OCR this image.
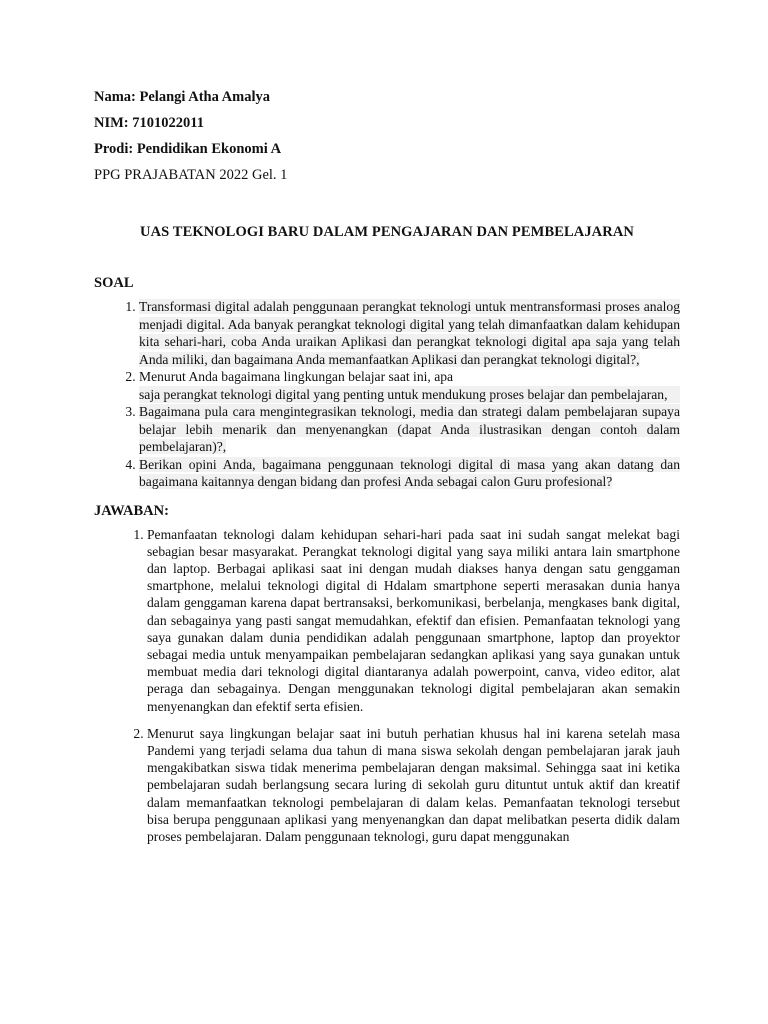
Nama: Pelangi Atha Amalya
NIM: 7101022011
Prodi: Pendidikan Ekonomi A
PPG PRAJABATAN 2022 Gel. 1
UAS TEKNOLOGI BARU DALAM PENGAJARAN DAN PEMBELAJARAN
SOAL
1. Transformasi digital adalah penggunaan perangkat teknologi untuk mentransformasi proses analog menjadi digital. Ada banyak perangkat teknologi digital yang telah dimanfaatkan dalam kehidupan kita sehari-hari, coba Anda uraikan Aplikasi dan perangkat teknologi digital apa saja yang telah Anda miliki, dan bagaimana Anda memanfaatkan Aplikasi dan perangkat teknologi digital?,
2. Menurut Anda bagaimana lingkungan belajar saat ini, apa
saja perangkat teknologi digital yang penting untuk mendukung proses belajar dan pembelajaran,
3. Bagaimana pula cara mengintegrasikan teknologi, media dan strategi dalam pembelajaran supaya belajar lebih menarik dan menyenangkan (dapat Anda ilustrasikan dengan contoh dalam pembelajaran)?,
4. Berikan opini Anda, bagaimana penggunaan teknologi digital di masa yang akan datang dan bagaimana kaitannya dengan bidang dan profesi Anda sebagai calon Guru profesional?
JAWABAN:
1. Pemanfaatan teknologi dalam kehidupan sehari-hari pada saat ini sudah sangat melekat bagi sebagian besar masyarakat. Perangkat teknologi digital yang saya miliki antara lain smartphone dan laptop. Berbagai aplikasi saat ini dengan mudah diakses hanya dengan satu genggaman smartphone, melalui teknologi digital di Hdalam smartphone seperti merasakan dunia hanya dalam genggaman karena dapat bertransaksi, berkomunikasi, berbelanja, mengkases bank digital, dan sebagainya yang pasti sangat memudahkan, efektif dan efisien. Pemanfaatan teknologi yang saya gunakan dalam dunia pendidikan adalah penggunaan smartphone, laptop dan proyektor sebagai media untuk menyampaikan pembelajaran sedangkan aplikasi yang saya gunakan untuk membuat media dari teknologi digital diantaranya adalah powerpoint, canva, video editor, alat peraga dan sebagainya. Dengan menggunakan teknologi digital pembelajaran akan semakin menyenangkan dan efektif serta efisien.
2. Menurut saya lingkungan belajar saat ini butuh perhatian khusus hal ini karena setelah masa Pandemi yang terjadi selama dua tahun di mana siswa sekolah dengan pembelajaran jarak jauh mengakibatkan siswa tidak menerima pembelajaran dengan maksimal. Sehingga saat ini ketika pembelajaran sudah berlangsung secara luring di sekolah guru dituntut untuk aktif dan kreatif dalam memanfaatkan teknologi pembelajaran di dalam kelas. Pemanfaatan teknologi tersebut bisa berupa penggunaan aplikasi yang menyenangkan dan dapat melibatkan peserta didik dalam proses pembelajaran. Dalam penggunaan teknologi, guru dapat menggunakan
